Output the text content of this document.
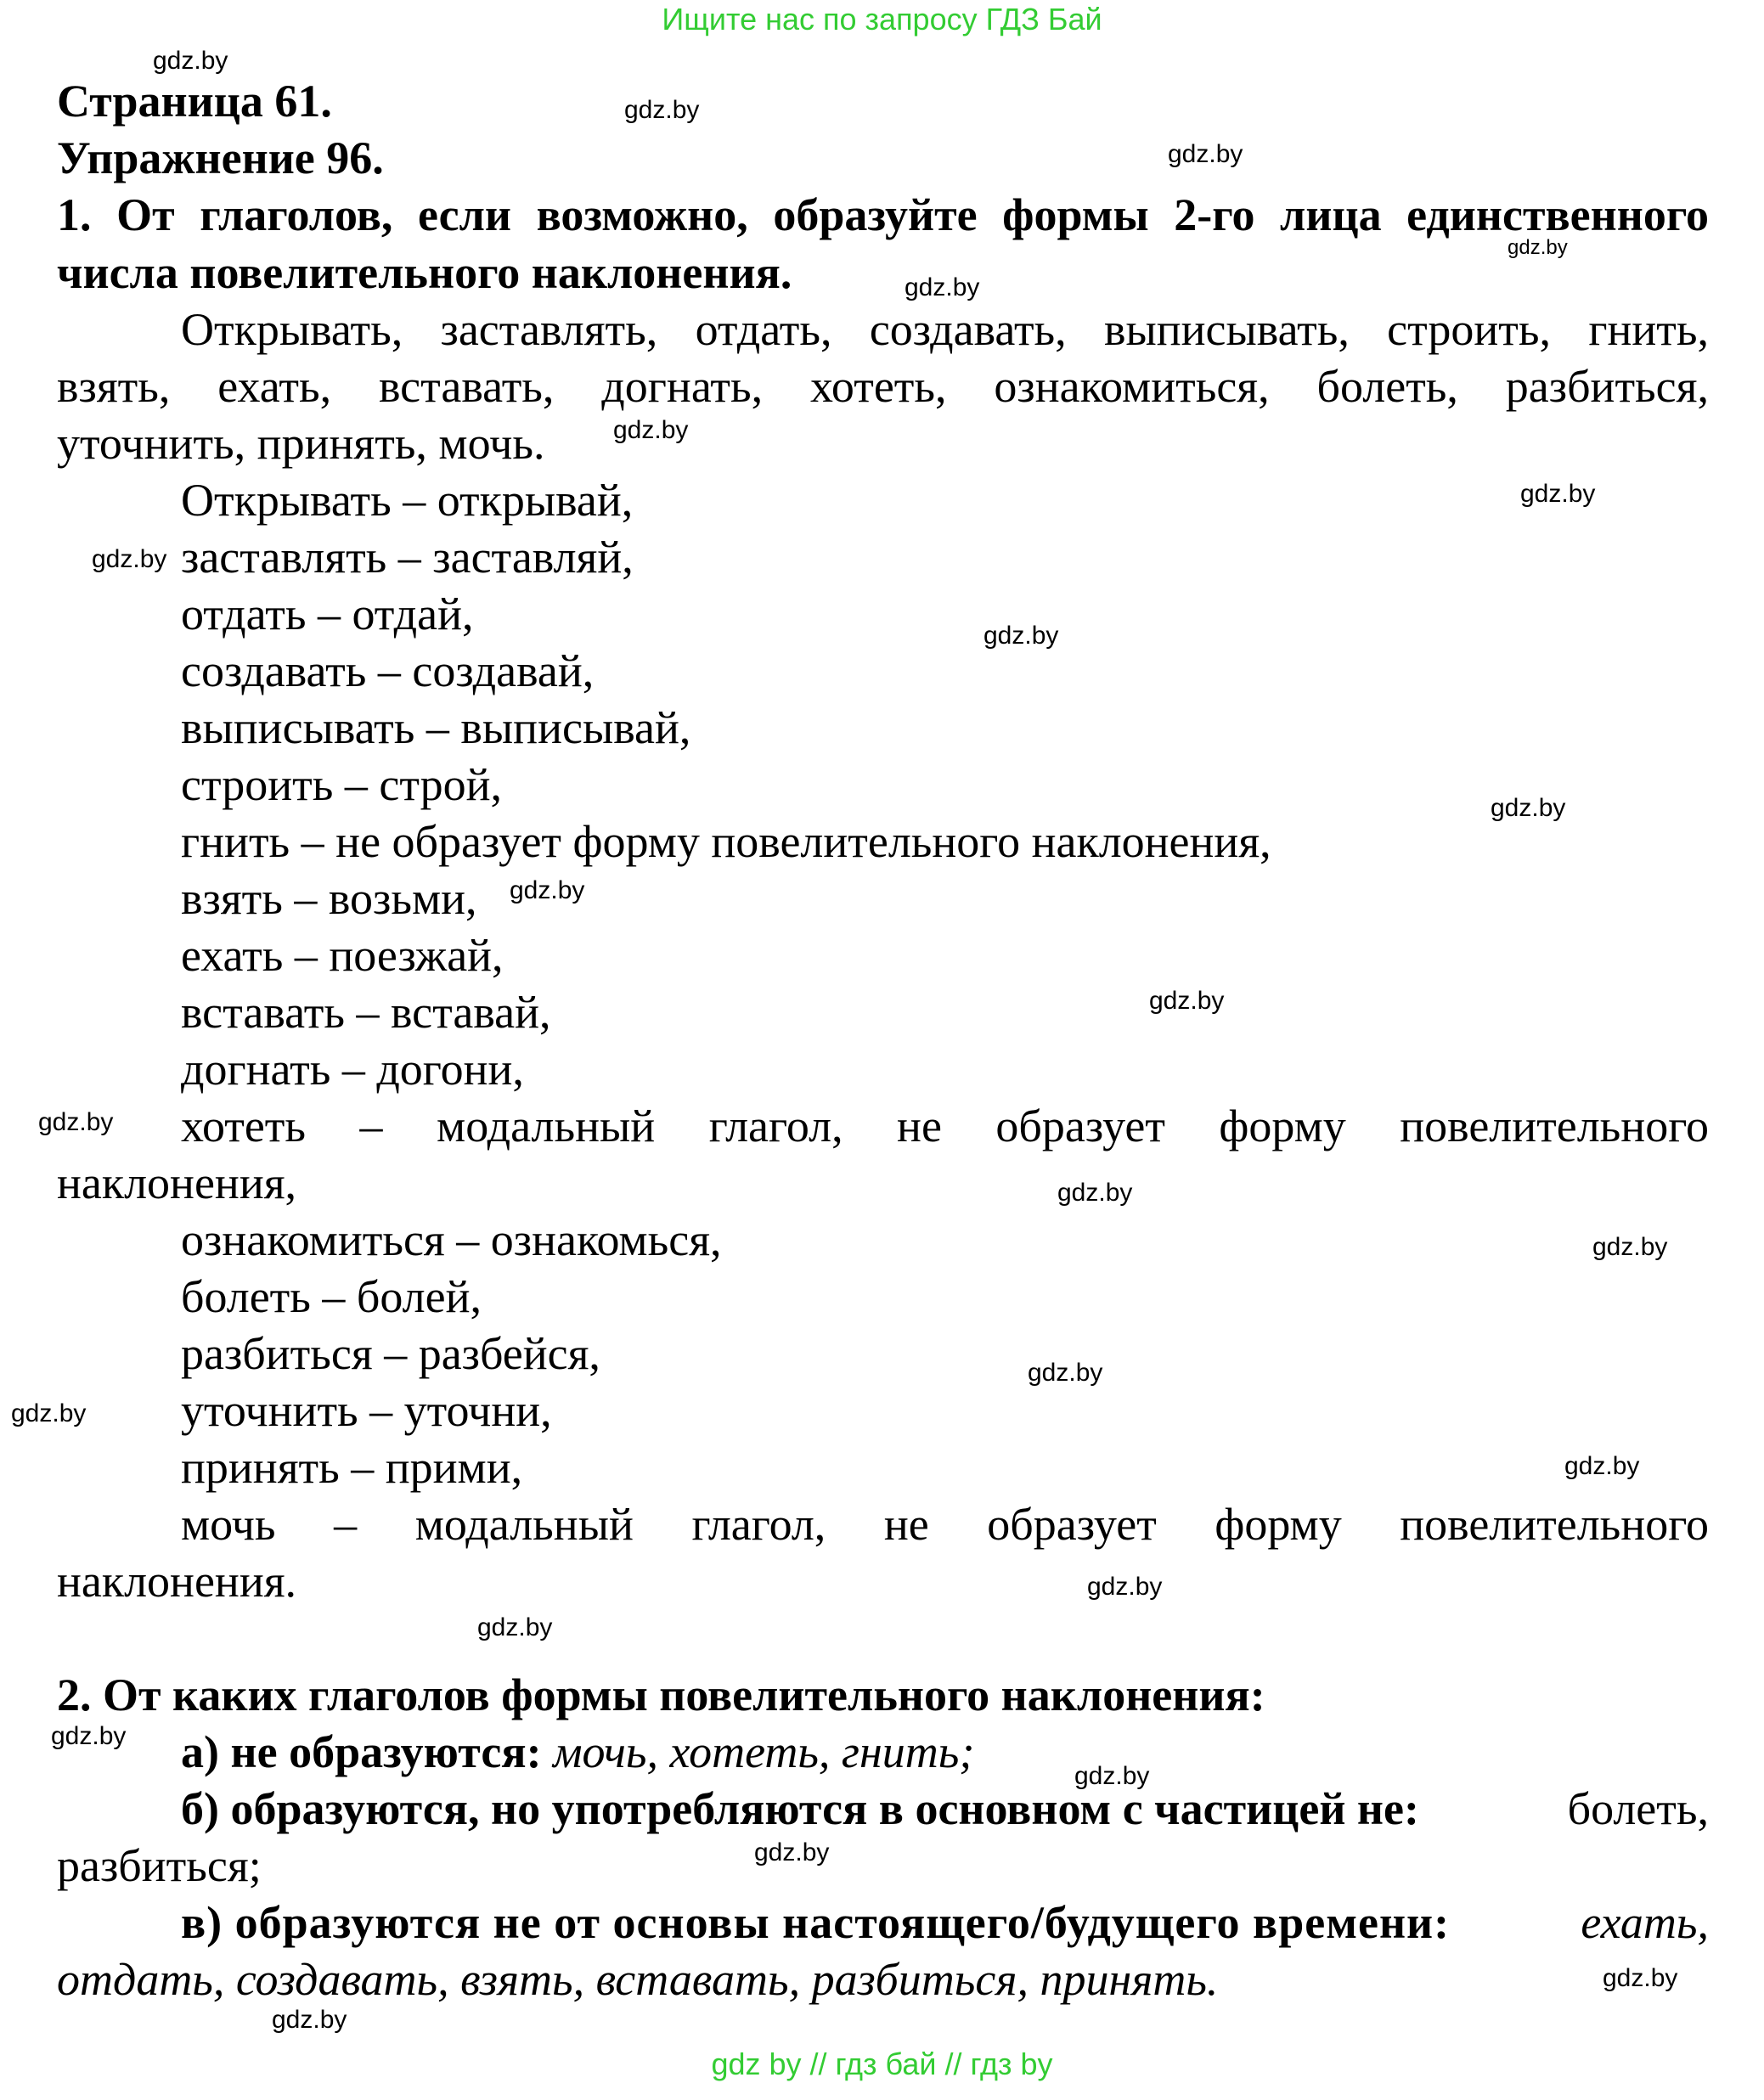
Ищите нас по запросу ГДЗ Бай
gdz.by
gdz.by
gdz.by
gdz.by
gdz.by
gdz.by
gdz.by
gdz.by
gdz.by
gdz.by
gdz.by
gdz.by
gdz.by
gdz.by
gdz.by
gdz.by
gdz.by
gdz.by
gdz.by
gdz.by
gdz.by
gdz.by
gdz.by
gdz.by
gdz.by
Страница 61.
Упражнение 96.
1. От глаголов, если возможно, образуйте формы 2-го лица единственного
числа повелительного наклонения.
Открывать, заставлять, отдать, создавать, выписывать, строить, гнить,
взять, ехать, вставать, догнать, хотеть, ознакомиться, болеть, разбиться,
уточнить, принять, мочь.
Открывать – открывай,
заставлять – заставляй,
отдать – отдай,
создавать – создавай,
выписывать – выписывай,
строить – строй,
гнить – не образует форму повелительного наклонения,
взять – возьми,
ехать – поезжай,
вставать – вставай,
догнать – догони,
хотеть – модальный глагол, не образует форму повелительного
наклонения,
ознакомиться – ознакомься,
болеть – болей,
разбиться – разбейся,
уточнить – уточни,
принять – прими,
мочь – модальный глагол, не образует форму повелительного
наклонения.
2. От каких глаголов формы повелительного наклонения:
а) не образуются: мочь, хотеть, гнить;
б) образуются, но употребляются в основном с частицей не:	болеть,
разбиться;
в) образуются не от основы настоящего/будущего времени:	ехать,
отдать, создавать, взять, вставать, разбиться, принять.
gdz by // гдз бай // гдз by
